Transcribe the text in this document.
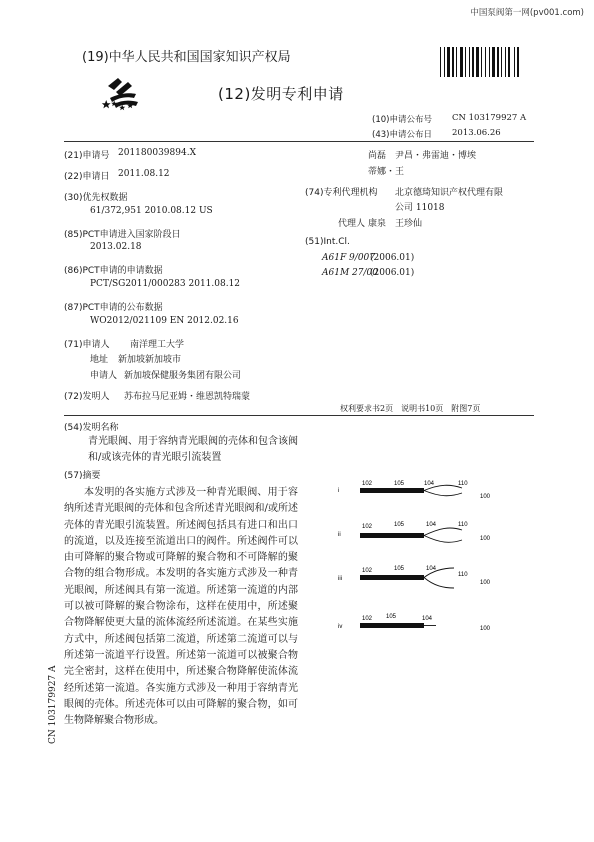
中国泵阀第一网(pv001.com)
(19)中华人民共和国国家知识产权局
(12)发明专利申请
(10)申请公布号 CN 103179927 A
(43)申请公布日 2013.06.26
(21)申请号 201180039894.X
(22)申请日 2011.08.12
(30)优先权数据
61/372,951 2010.08.12 US
(85)PCT申请进入国家阶段日
2013.02.18
(86)PCT申请的申请数据
PCT/SG2011/000283 2011.08.12
(87)PCT申请的公布数据
WO2012/021109 EN 2012.02.16
(71)申请人 南洋理工大学
地址 新加坡新加坡市
申请人 新加坡保健服务集团有限公司
(72)发明人 苏布拉马尼亚姆・维恩凯特瑞蒙
尚磊　尹昌・弗雷迪・博埃
蒂娜・王
(74)专利代理机构 北京德琦知识产权代理有限
公司 11018
代理人 康泉　王珍仙
(51)Int.Cl.
A61F 9/007
(2006.01)
A61M 27/00
(2006.01)
权利要求书2页　说明书10页　附图7页
(54)发明名称
青光眼阀、用于容纳青光眼阀的壳体和包含该阀和/或该壳体的青光眼引流装置
(57)摘要
本发明的各实施方式涉及一种青光眼阀、用于容纳所述青光眼阀的壳体和包含所述青光眼阀和/或所述壳体的青光眼引流装置。所述阀包括具有进口和出口的流道，以及连接至流道出口的阀件。所述阀件可以由可降解的聚合物或可降解的聚合物和不可降解的聚合物的组合物形成。本发明的各实施方式涉及一种青光眼阀，所述阀具有第一流道。所述第一流道的内部可以被可降解的聚合物涂布，这样在使用中，所述聚合物降解使更大量的流体流经所述流道。在某些实施方式中，所述阀包括第二流道，所述第二流道可以与所述第一流道平行设置。所述第一流道可以被聚合物完全密封，这样在使用中，所述聚合物降解使流体流经所述第一流道。各实施方式涉及一种用于容纳青光眼阀的壳体。所述壳体可以由可降解的聚合物，如可生物降解聚合物形成。
CN 103179927 A
i
102	105	104	110
100
ii
102	105	104	110
100
iii
102	105	104
110
100
iv
102 105	104
100
